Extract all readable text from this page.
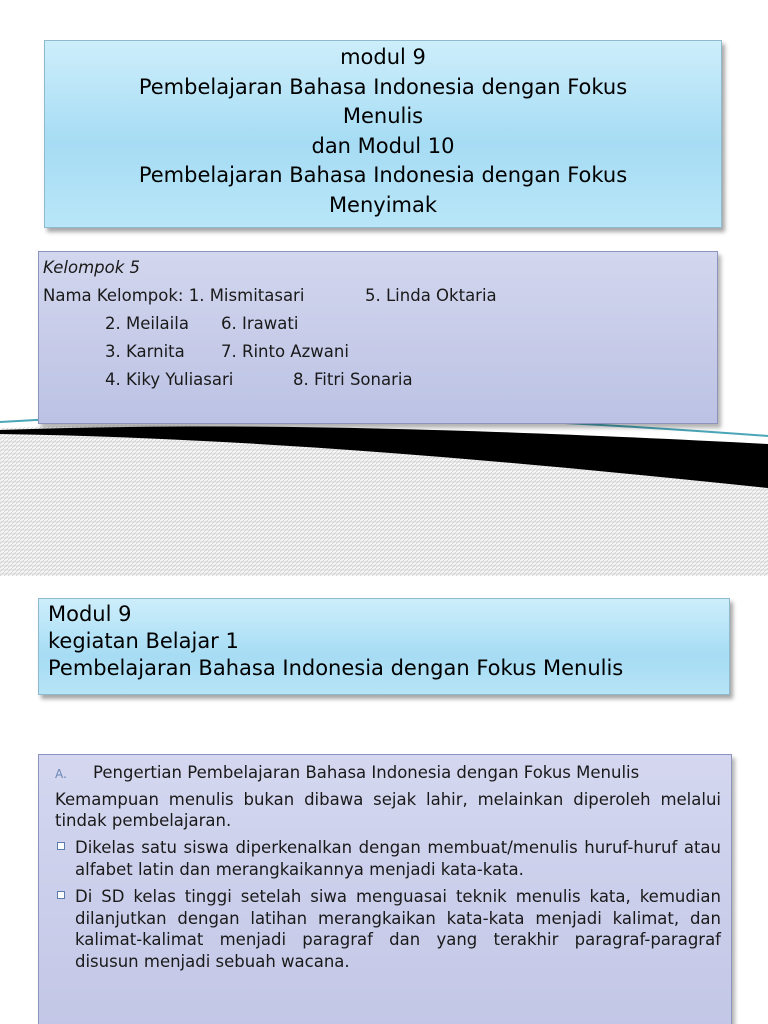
modul 9
Pembelajaran Bahasa Indonesia dengan Fokus
Menulis
dan Modul 10
Pembelajaran Bahasa Indonesia dengan Fokus
Menyimak
Kelompok 5
Nama Kelompok: 1. Mismitasari	5. Linda Oktaria
2. Meilaila 6. Irawati
3. Karnita 7. Rinto Azwani
4. Kiky Yuliasari	8. Fitri Sonaria
Modul 9
kegiatan Belajar 1
Pembelajaran Bahasa Indonesia dengan Fokus Menulis
A. Pengertian Pembelajaran Bahasa Indonesia dengan Fokus Menulis
Kemampuan menulis bukan dibawa sejak lahir, melainkan diperoleh melalui tindak pembelajaran.
Dikelas satu siswa diperkenalkan dengan membuat/menulis huruf-huruf atau alfabet latin dan merangkaikannya menjadi kata-kata.
Di SD kelas tinggi setelah siwa menguasai teknik menulis kata, kemudian dilanjutkan dengan latihan merangkaikan kata-kata menjadi kalimat, dan kalimat-kalimat menjadi paragraf dan yang terakhir paragraf-paragraf disusun menjadi sebuah wacana.
